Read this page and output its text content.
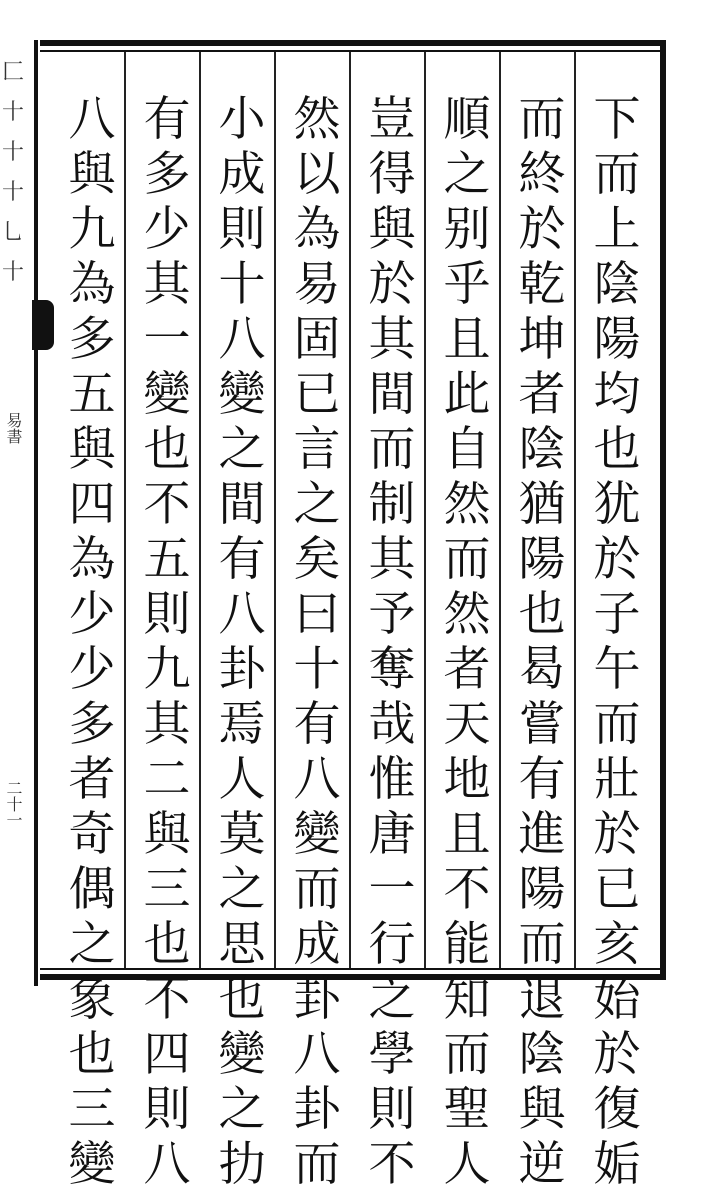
匚
十
十
十
乚
十
易書
二十一
下
而
上
陰
陽
均
也
犹
於
子
午
而
壯
於
已
亥
始
於
復
姤
而
終
於
乾
坤
者
陰
猶
陽
也
曷
嘗
有
進
陽
而
退
陰
與
逆
順
之
别
乎
且
此
自
然
而
然
者
天
地
且
不
能
知
而
聖
人
豈
得
與
於
其
間
而
制
其
予
奪
哉
惟
唐
一
行
之
學
則
不
然
以
為
易
固
已
言
之
矣
曰
十
有
八
變
而
成
卦
八
卦
而
小
成
則
十
八
變
之
間
有
八
卦
焉
人
莫
之
思
也
變
之
扐
有
多
少
其
一
變
也
不
五
則
九
其
二
與
三
也
不
四
則
八
八
與
九
為
多
五
與
四
為
少
少
多
者
奇
偶
之
象
也
三
變
